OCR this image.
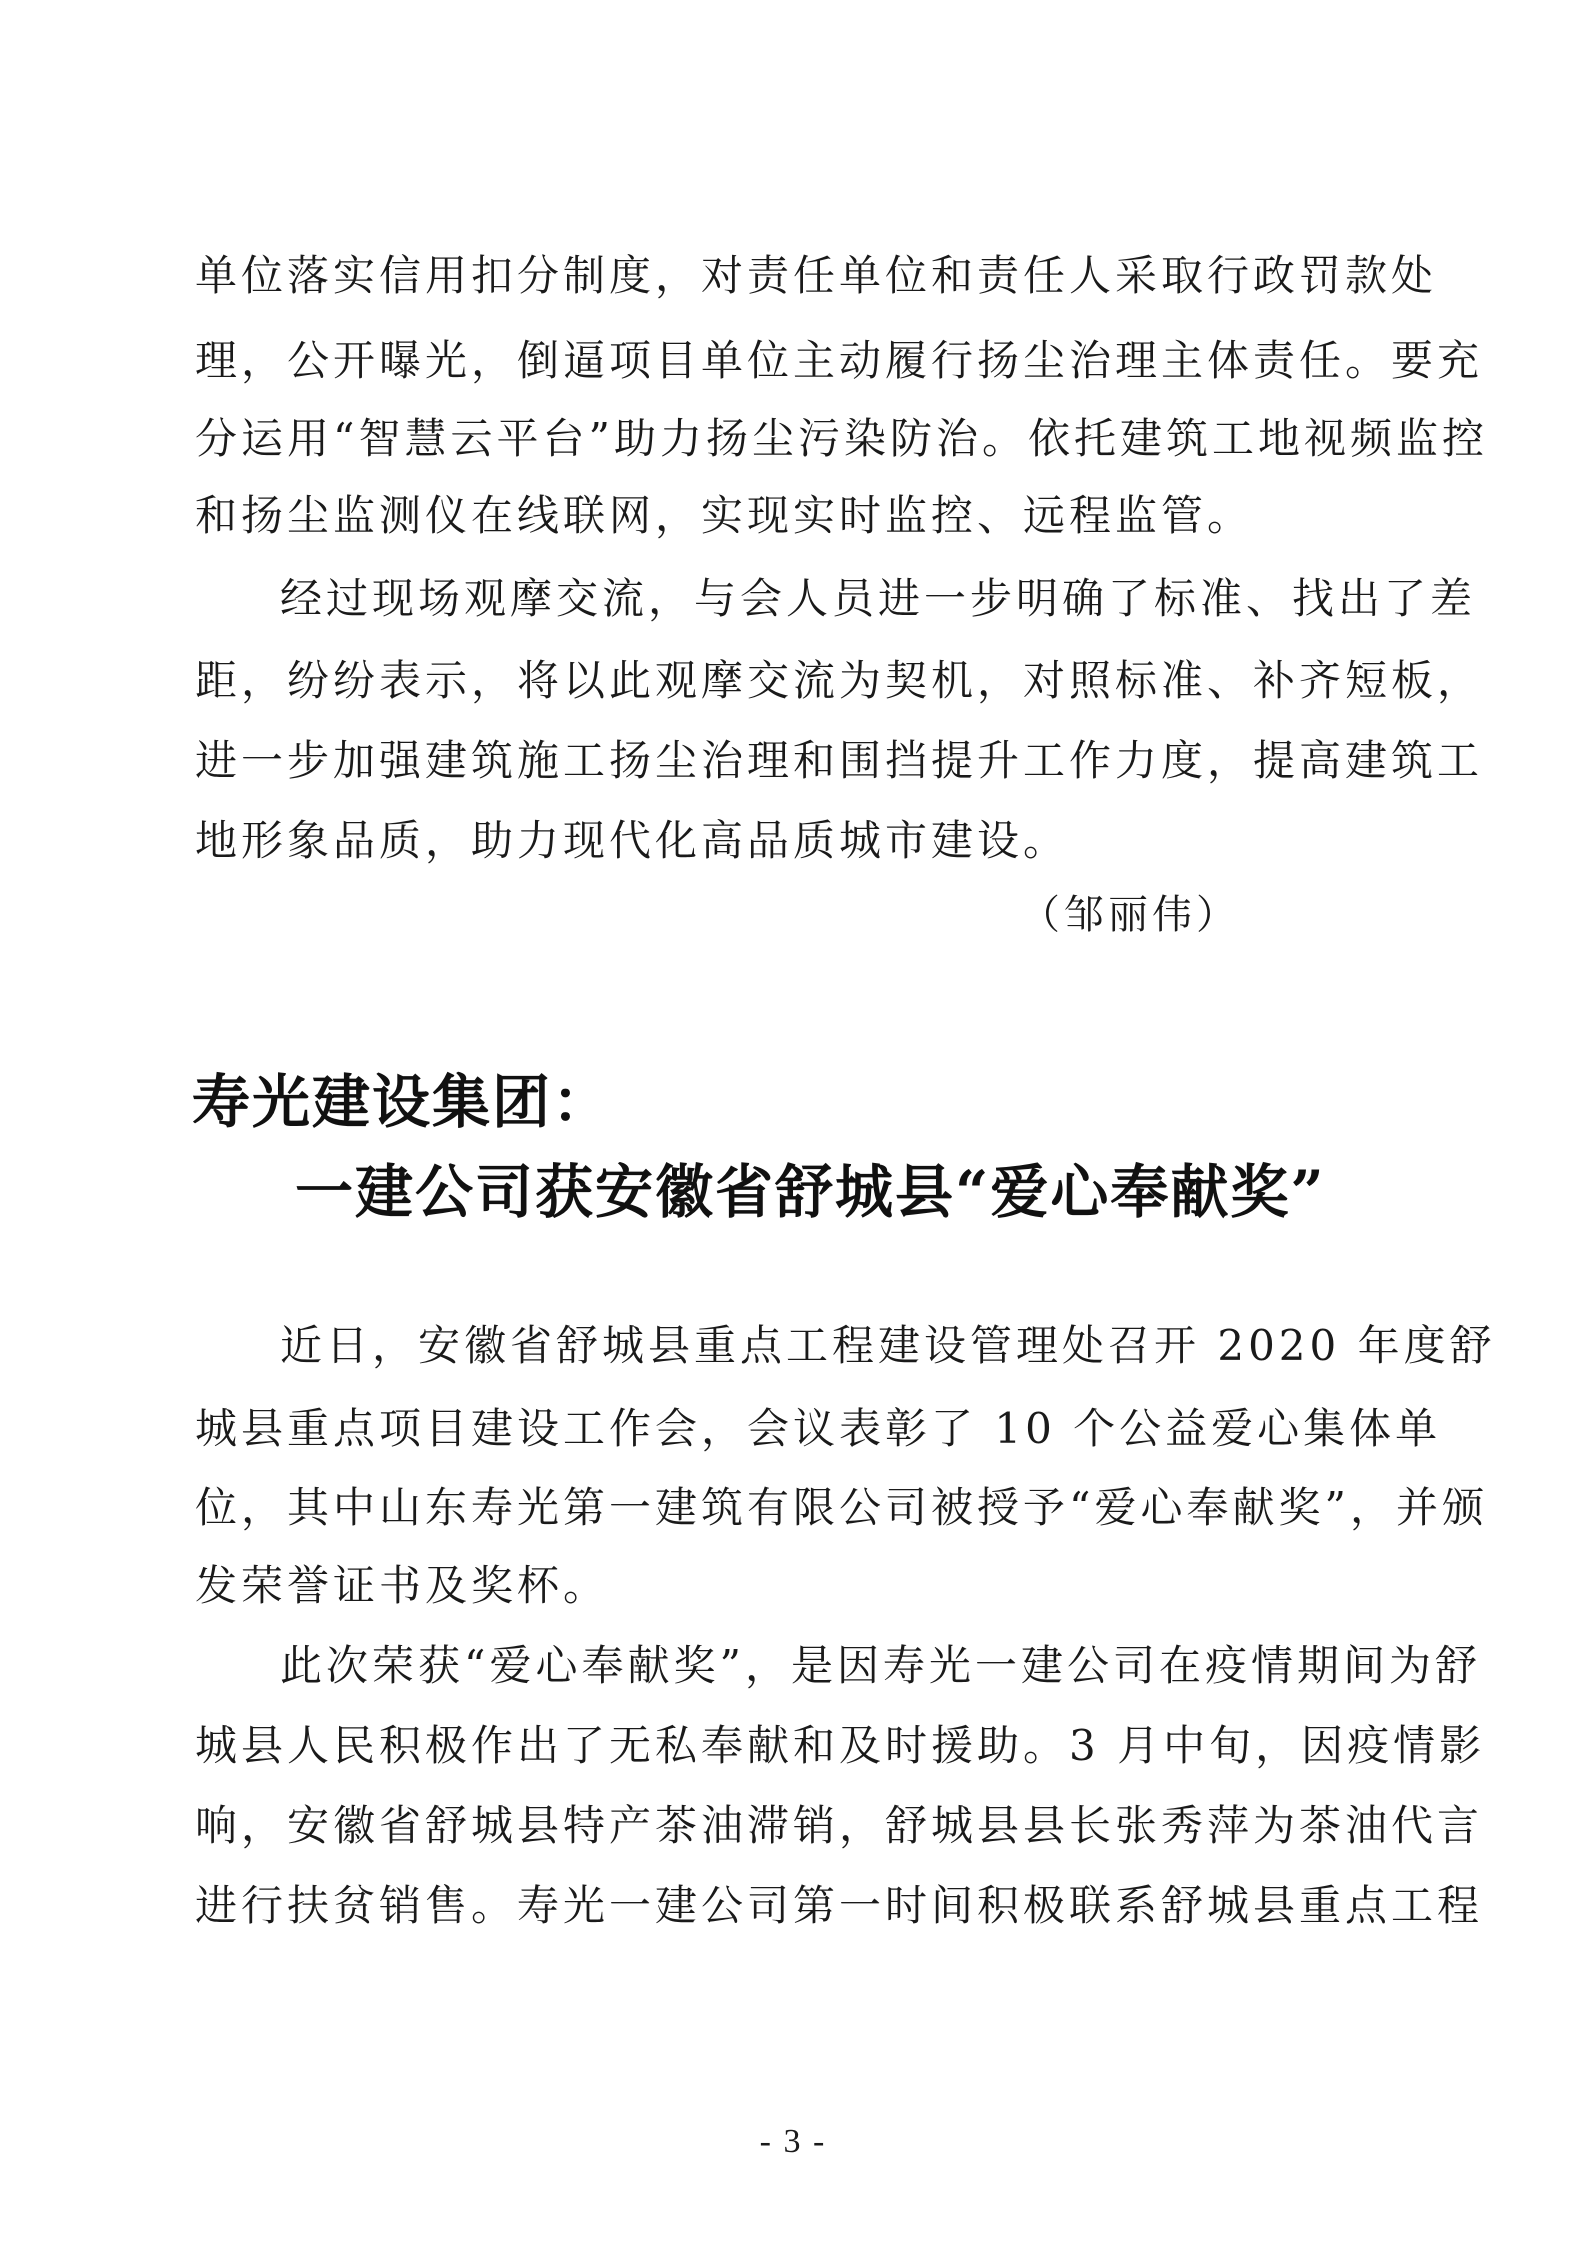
单位落实信用扣分制度，对责任单位和责任人采取行政罚款处
理，公开曝光，倒逼项目单位主动履行扬尘治理主体责任。要充
分运用“智慧云平台”助力扬尘污染防治。依托建筑工地视频监控
和扬尘监测仪在线联网，实现实时监控、远程监管。
经过现场观摩交流，与会人员进一步明确了标准、找出了差
距，纷纷表示，将以此观摩交流为契机，对照标准、补齐短板，
进一步加强建筑施工扬尘治理和围挡提升工作力度，提高建筑工
地形象品质，助力现代化高品质城市建设。
（邹丽伟）
寿光建设集团：
一建公司获安徽省舒城县“爱心奉献奖”
近日，安徽省舒城县重点工程建设管理处召开 2020 年度舒
城县重点项目建设工作会，会议表彰了 10 个公益爱心集体单
位，其中山东寿光第一建筑有限公司被授予“爱心奉献奖”，并颁
发荣誉证书及奖杯。
此次荣获“爱心奉献奖”，是因寿光一建公司在疫情期间为舒
城县人民积极作出了无私奉献和及时援助。3 月中旬，因疫情影
响，安徽省舒城县特产茶油滞销，舒城县县长张秀萍为茶油代言
进行扶贫销售。寿光一建公司第一时间积极联系舒城县重点工程
- 3 -
